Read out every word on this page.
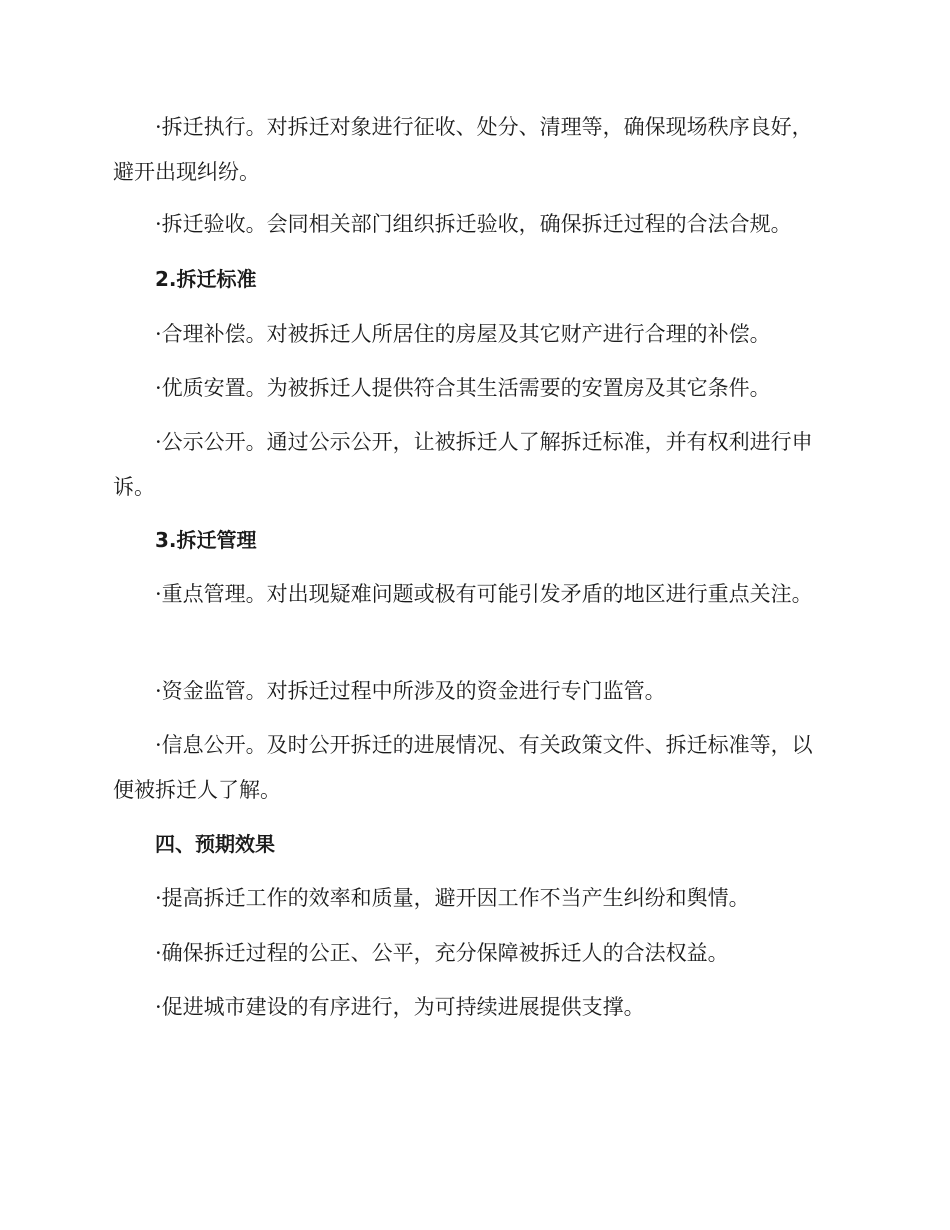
·拆迁执行。对拆迁对象进行征收、处分、清理等，确保现场秩序良好，避开出现纠纷。

·拆迁验收。会同相关部门组织拆迁验收，确保拆迁过程的合法合规。

2.拆迁标准

·合理补偿。对被拆迁人所居住的房屋及其它财产进行合理的补偿。

·优质安置。为被拆迁人提供符合其生活需要的安置房及其它条件。

·公示公开。通过公示公开，让被拆迁人了解拆迁标准，并有权利进行申诉。

3.拆迁管理

·重点管理。对出现疑难问题或极有可能引发矛盾的地区进行重点关注。

·资金监管。对拆迁过程中所涉及的资金进行专门监管。

·信息公开。及时公开拆迁的进展情况、有关政策文件、拆迁标准等，以便被拆迁人了解。

四、预期效果

·提高拆迁工作的效率和质量，避开因工作不当产生纠纷和舆情。

·确保拆迁过程的公正、公平，充分保障被拆迁人的合法权益。

·促进城市建设的有序进行，为可持续进展提供支撑。
